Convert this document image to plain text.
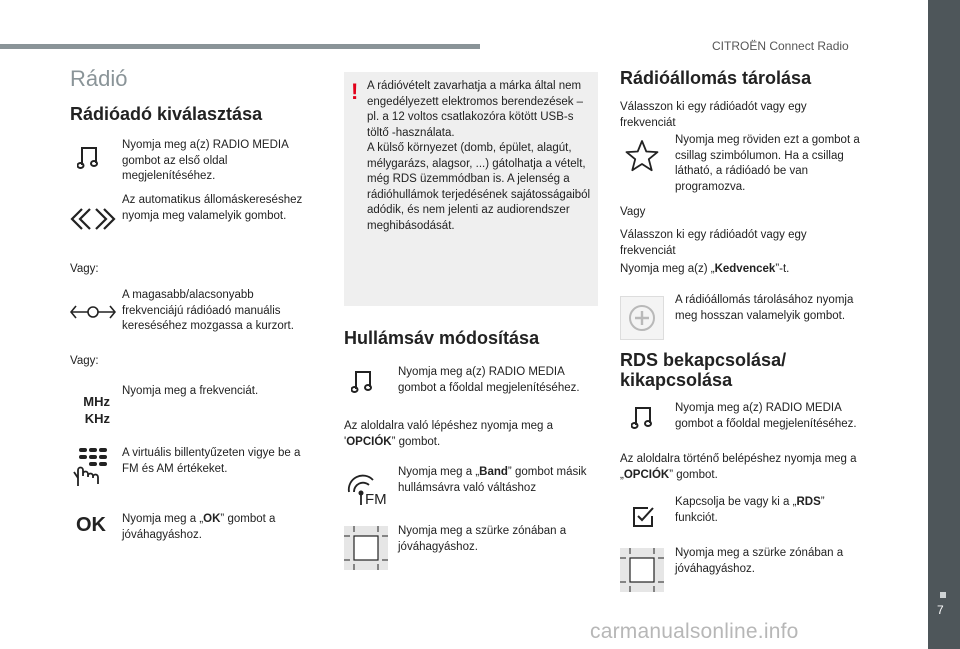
CITROËN Connect Radio
7
carmanualsonline.info
Rádió
Rádióadó kiválasztása
Nyomja meg a(z) RADIO MEDIA gombot az első oldal megjelenítéséhez.
Az automatikus állomáskereséshez nyomja meg valamelyik gombot.
Vagy:
A magasabb/alacsonyabb frekvenciájú rádióadó manuális kereséséhez mozgassa a kurzort.
Vagy:
MHz
KHz
Nyomja meg a frekvenciát.
A virtuális billentyűzeten vigye be a FM és AM értékeket.
OK	Nyomja meg a „OK” gombot a jóváhagyáshoz.
! A rádióvételt zavarhatja a márka által nem engedélyezett elektromos berendezések – pl. a 12 voltos csatlakozóra kötött USB-s töltő -használata.
A külső környezet (domb, épület, alagút, mélygarázs, alagsor, ...) gátolhatja a vételt, még RDS üzemmódban is. A jelenség a rádióhullámok terjedésének sajátosságaiból adódik, és nem jelenti az audiorendszer meghibásodását.
Hullámsáv módosítása
Nyomja meg a(z) RADIO MEDIA gombot a főoldal megjelenítéséhez.
Az aloldalra való lépéshez nyomja meg a 'OPCIÓK” gombot.
FM
Nyomja meg a „Band” gombot másik hullámsávra való váltáshoz
Nyomja meg a szürke zónában a jóváhagyáshoz.
Rádióállomás tárolása
Válasszon ki egy rádióadót vagy egy frekvenciát
Nyomja meg röviden ezt a gombot a csillag szimbólumon. Ha a csillag látható, a rádióadó be van programozva.
Vagy
Válasszon ki egy rádióadót vagy egy frekvenciát
Nyomja meg a(z) „Kedvencek”-t.
A rádióállomás tárolásához nyomja meg hosszan valamelyik gombot.
RDS bekapcsolása/ kikapcsolása
Nyomja meg a(z) RADIO MEDIA gombot a főoldal megjelenítéséhez.
Az aloldalra történő belépéshez nyomja meg a „OPCIÓK” gombot.
Kapcsolja be vagy ki a „RDS” funkciót.
Nyomja meg a szürke zónában a jóváhagyáshoz.
